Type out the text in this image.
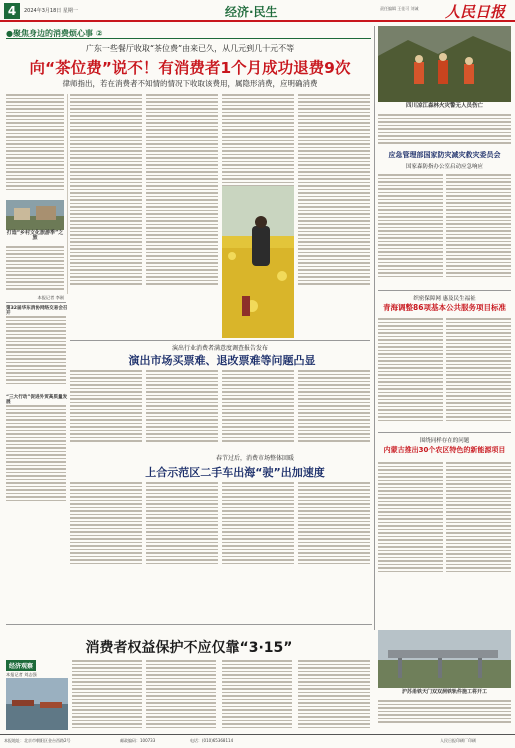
4	2024年3月18日 星期一	经济·民生	责任编辑 王佳可 刘诚	人民日报
●聚焦身边的消费烦心事 ②
广东一些餐厅收取“茶位费”由来已久，从几元到几十元不等
向“茶位费”说不！有消费者1个月成功退费9次
律师指出，若在消费者不知情的情况下收取该费用，属隐形消费，应明确消费
打造“乡村文化旅游季”之旅
本报记者 李刚
第32届华东消协网络交易会召开
“三大行动”促进外贸高质量发展
演出行业消费者满意度调查报告发布
演出市场买票难、退改票难等问题凸显
春节过后，消费市场整体回暖
上合示范区二手车出海“驶”出加速度
四川凉江森林火灾警无人员伤亡
应急管理部国家防灾减灾救灾委员会
国家森防指办公室启动应急响应
织密保障网 惠及民生福祉
青海调整86项基本公共服务项目标准
围绕同样存在的问题
内蒙古推出30个农区特色的新能源项目
消费者权益保护不应仅靠“3·15”
经济观察
本报记者 刘志强
沪苏甬铁天门双双洞铁轨件施工将开工
本报地址：北京市朝阳区金台西路2号	邮政编码：100733	电话：(010)65368114	人民日报印刷厂印刷
